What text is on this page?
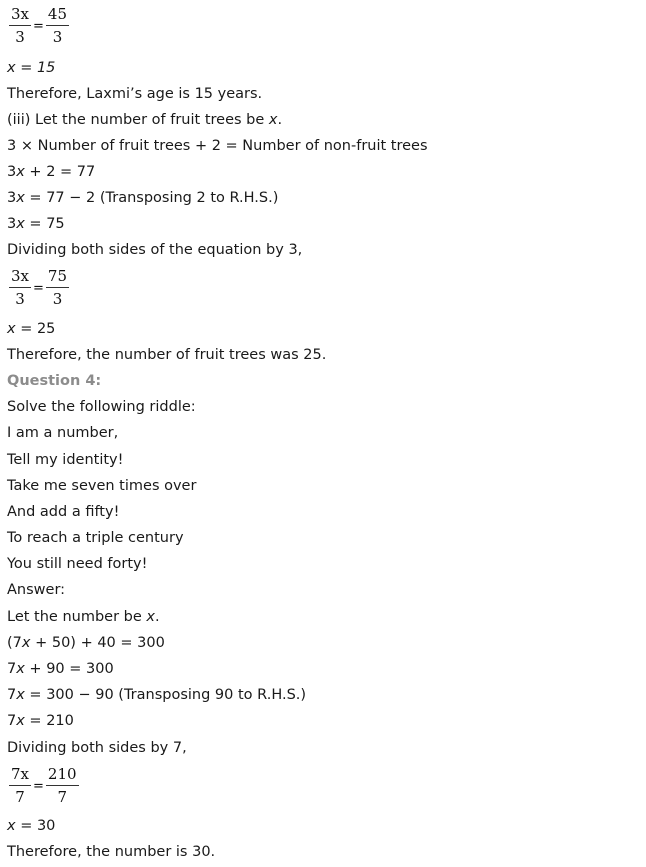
$\frac{3x}{3} = \frac{45}{3}$
x = 15
Therefore, Laxmi’s age is 15 years.
(iii) Let the number of fruit trees be x.
3 × Number of fruit trees + 2 = Number of non-fruit trees
3x + 2 = 77
3x = 77 − 2 (Transposing 2 to R.H.S.)
3x = 75
Dividing both sides of the equation by 3,
$\frac{3x}{3} = \frac{75}{3}$
x = 25
Therefore, the number of fruit trees was 25.
Question 4:
Solve the following riddle:
I am a number,
Tell my identity!
Take me seven times over
And add a fifty!
To reach a triple century
You still need forty!
Answer:
Let the number be x.
(7x + 50) + 40 = 300
7x + 90 = 300
7x = 300 − 90 (Transposing 90 to R.H.S.)
7x = 210
Dividing both sides by 7,
$\frac{7x}{7} = \frac{210}{7}$
x = 30
Therefore, the number is 30.
